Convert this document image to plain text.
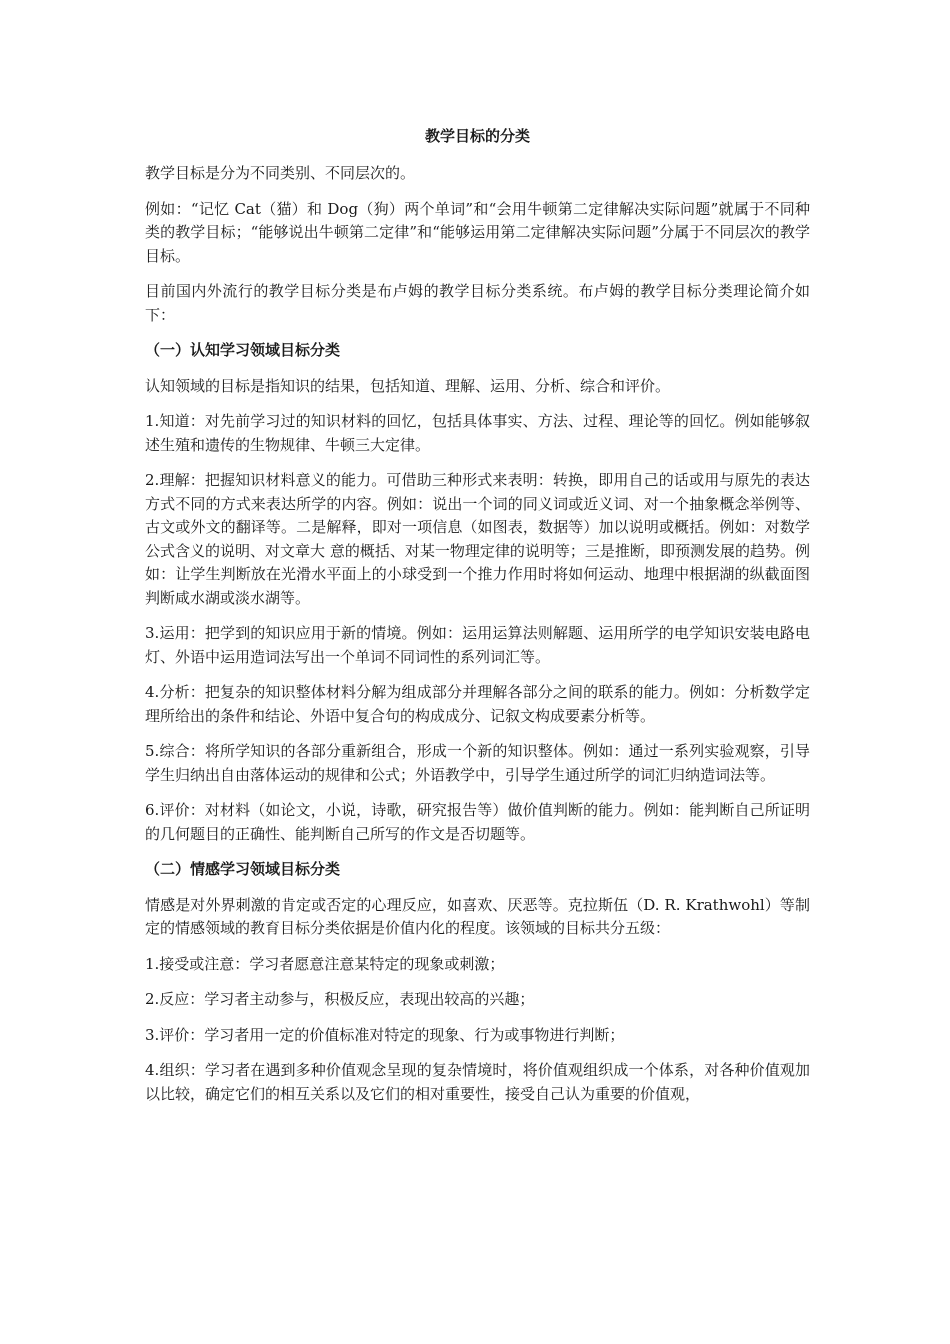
教学目标的分类

教学目标是分为不同类别、不同层次的。

例如：“记忆 Cat（猫）和 Dog（狗）两个单词”和“会用牛顿第二定律解决实际问题”就属于不同种类的教学目标；“能够说出牛顿第二定律”和“能够运用第二定律解决实际问题”分属于不同层次的教学目标。

目前国内外流行的教学目标分类是布卢姆的教学目标分类系统。布卢姆的教学目标分类理论简介如下：

（一）认知学习领域目标分类

认知领域的目标是指知识的结果，包括知道、理解、运用、分析、综合和评价。

1.知道：对先前学习过的知识材料的回忆，包括具体事实、方法、过程、理论等的回忆。例如能够叙述生殖和遗传的生物规律、牛顿三大定律。

2.理解：把握知识材料意义的能力。可借助三种形式来表明：转换，即用自己的话或用与原先的表达方式不同的方式来表达所学的内容。例如：说出一个词的同义词或近义词、对一个抽象概念举例等、古文或外文的翻译等。二是解释，即对一项信息（如图表，数据等）加以说明或概括。例如：对数学公式含义的说明、对文章大 意的概括、对某一物理定律的说明等；三是推断，即预测发展的趋势。例如：让学生判断放在光滑水平面上的小球受到一个推力作用时将如何运动、地理中根据湖的纵截面图判断咸水湖或淡水湖等。

3.运用：把学到的知识应用于新的情境。例如：运用运算法则解题、运用所学的电学知识安装电路电灯、外语中运用造词法写出一个单词不同词性的系列词汇等。

4.分析：把复杂的知识整体材料分解为组成部分并理解各部分之间的联系的能力。例如：分析数学定理所给出的条件和结论、外语中复合句的构成成分、记叙文构成要素分析等。

5.综合：将所学知识的各部分重新组合，形成一个新的知识整体。例如：通过一系列实验观察，引导学生归纳出自由落体运动的规律和公式；外语教学中，引导学生通过所学的词汇归纳造词法等。

6.评价：对材料（如论文，小说，诗歌，研究报告等）做价值判断的能力。例如：能判断自己所证明的几何题目的正确性、能判断自己所写的作文是否切题等。

（二）情感学习领域目标分类

情感是对外界刺激的肯定或否定的心理反应，如喜欢、厌恶等。克拉斯伍（D. R. Krathwohl）等制定的情感领域的教育目标分类依据是价值内化的程度。该领域的目标共分五级：

1.接受或注意：学习者愿意注意某特定的现象或刺激；

2.反应：学习者主动参与，积极反应，表现出较高的兴趣；

3.评价：学习者用一定的价值标准对特定的现象、行为或事物进行判断；

4.组织：学习者在遇到多种价值观念呈现的复杂情境时，将价值观组织成一个体系，对各种价值观加以比较，确定它们的相互关系以及它们的相对重要性，接受自己认为重要的价值观，
